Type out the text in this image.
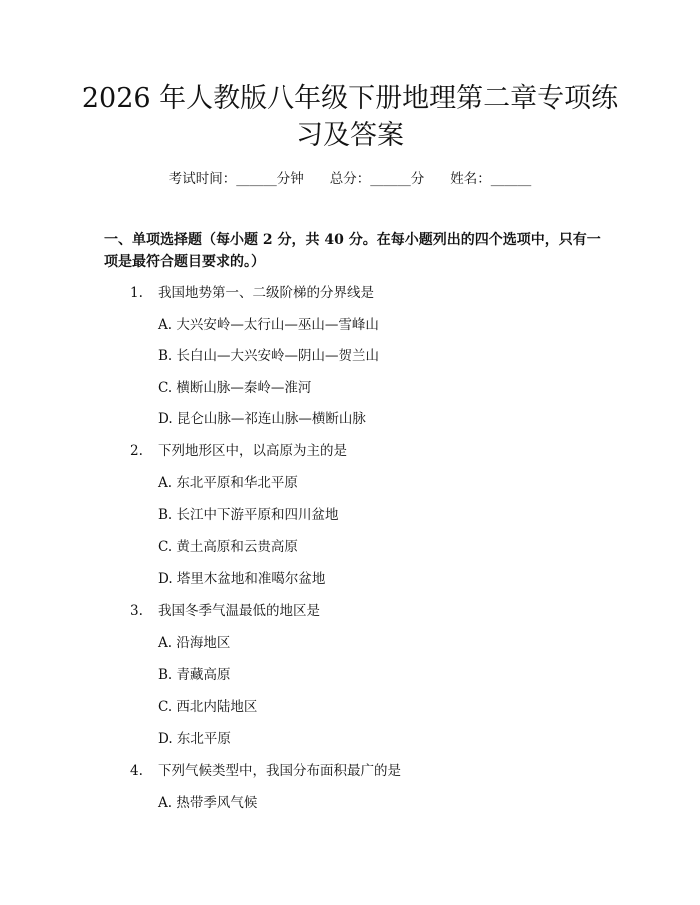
2026 年人教版八年级下册地理第二章专项练习及答案
考试时间：______分钟 总分：______分 姓名：______
一、单项选择题（每小题 2 分，共 40 分。在每小题列出的四个选项中，只有一项是最符合题目要求的。）
1. 我国地势第一、二级阶梯的分界线是
A. 大兴安岭—太行山—巫山—雪峰山
B. 长白山—大兴安岭—阴山—贺兰山
C. 横断山脉—秦岭—淮河
D. 昆仑山脉—祁连山脉—横断山脉
2. 下列地形区中，以高原为主的是
A. 东北平原和华北平原
B. 长江中下游平原和四川盆地
C. 黄土高原和云贵高原
D. 塔里木盆地和准噶尔盆地
3. 我国冬季气温最低的地区是
A. 沿海地区
B. 青藏高原
C. 西北内陆地区
D. 东北平原
4. 下列气候类型中，我国分布面积最广的是
A. 热带季风气候
